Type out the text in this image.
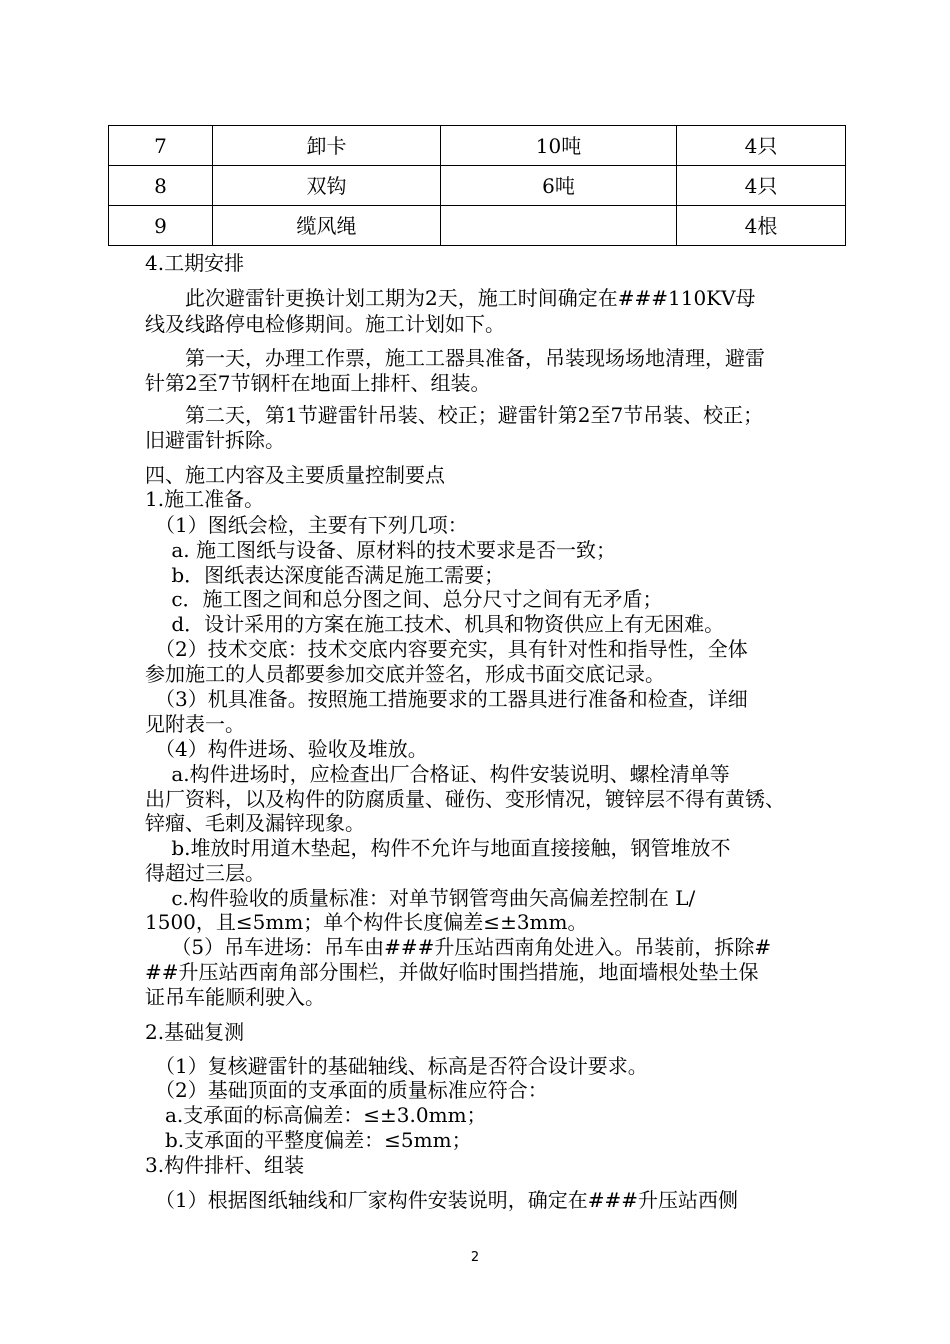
7	卸卡	10吨	4只
8	双钩	6吨	4只
9	缆风绳		4根
4.工期安排
　　此次避雷针更换计划工期为2天，施工时间确定在###110KV母
线及线路停电检修期间。施工计划如下。
　　第一天，办理工作票，施工工器具准备，吊装现场场地清理，避雷
针第2至7节钢杆在地面上排杆、组装。
　　第二天，第1节避雷针吊装、校正；避雷针第2至7节吊装、校正；
旧避雷针拆除。
四、施工内容及主要质量控制要点
1.施工准备。
　（1）图纸会检，主要有下列几项：
　 a. 施工图纸与设备、原材料的技术要求是否一致；
　 b．图纸表达深度能否满足施工需要；
　 c．施工图之间和总分图之间、总分尺寸之间有无矛盾；
　 d．设计采用的方案在施工技术、机具和物资供应上有无困难。
　（2）技术交底：技术交底内容要充实，具有针对性和指导性，全体
参加施工的人员都要参加交底并签名，形成书面交底记录。
　（3）机具准备。按照施工措施要求的工器具进行准备和检查，详细
见附表一。
　（4）构件进场、验收及堆放。
　 a.构件进场时，应检查出厂合格证、构件安装说明、螺栓清单等
出厂资料，以及构件的防腐质量、碰伤、变形情况，镀锌层不得有黄锈、
锌瘤、毛刺及漏锌现象。
　 b.堆放时用道木垫起，构件不允许与地面直接接触，钢管堆放不
得超过三层。
　 c.构件验收的质量标准：对单节钢管弯曲矢高偏差控制在 L/
1500，且≤5mm；单个构件长度偏差≤±3mm。
　 （5）吊车进场：吊车由###升压站西南角处进入。吊装前，拆除#
##升压站西南角部分围栏，并做好临时围挡措施，地面墙根处垫土保
证吊车能顺利驶入。
2.基础复测
　（1）复核避雷针的基础轴线、标高是否符合设计要求。
　（2）基础顶面的支承面的质量标准应符合：
　a.支承面的标高偏差：≤±3.0mm；
　b.支承面的平整度偏差：≤5mm；
3.构件排杆、组装
　（1）根据图纸轴线和厂家构件安装说明，确定在###升压站西侧
2
